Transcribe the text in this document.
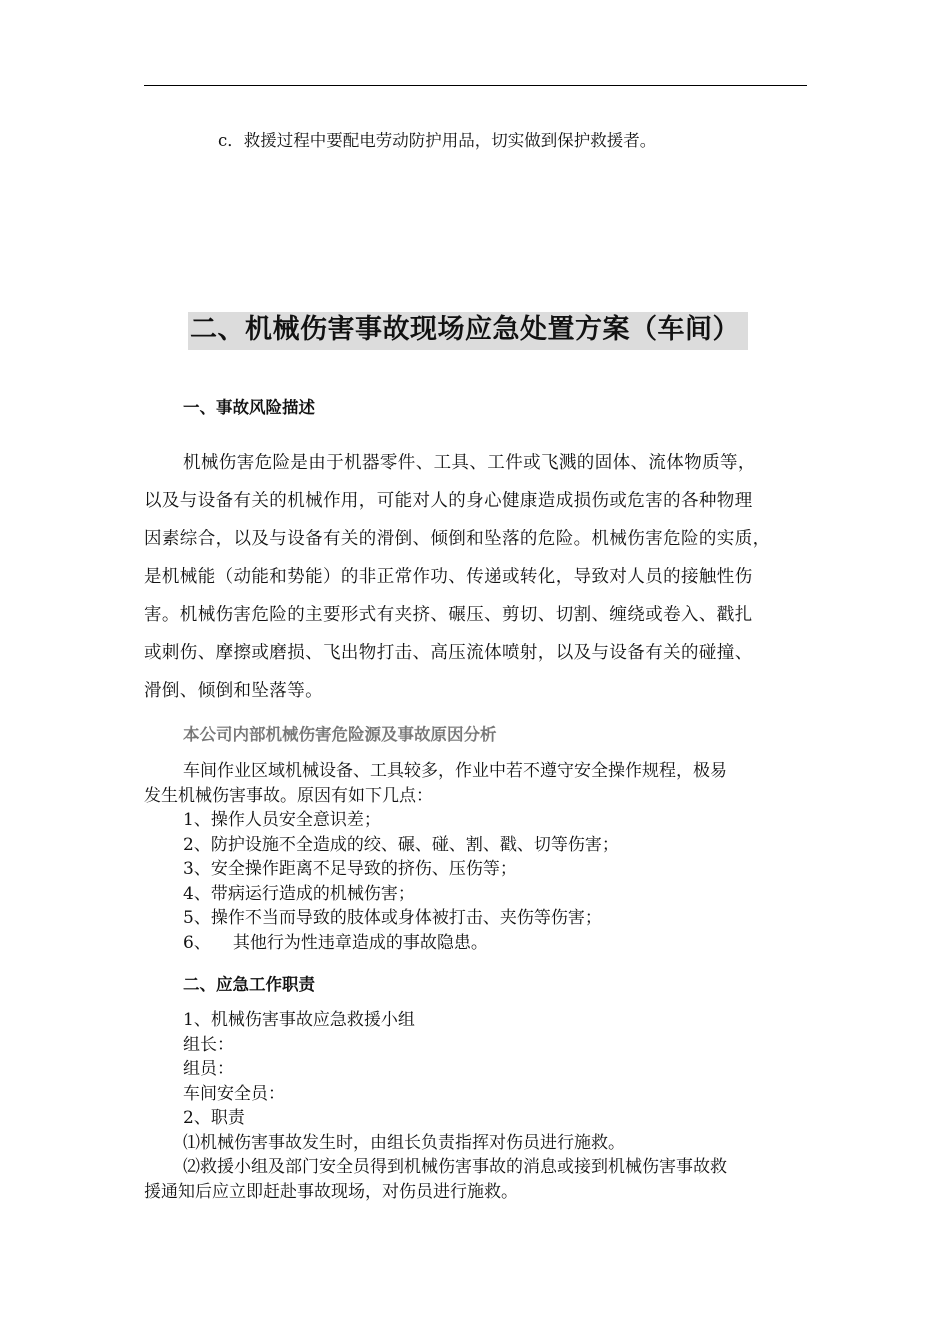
c．救援过程中要配电劳动防护用品，切实做到保护救援者。
二、机械伤害事故现场应急处置方案（车间）
一、事故风险描述
机械伤害危险是由于机器零件、工具、工件或飞溅的固体、流体物质等，
以及与设备有关的机械作用，可能对人的身心健康造成损伤或危害的各种物理
因素综合，以及与设备有关的滑倒、倾倒和坠落的危险。机械伤害危险的实质，
是机械能（动能和势能）的非正常作功、传递或转化，导致对人员的接触性伤
害。机械伤害危险的主要形式有夹挤、碾压、剪切、切割、缠绕或卷入、戳扎
或刺伤、摩擦或磨损、飞出物打击、高压流体喷射，以及与设备有关的碰撞、
滑倒、倾倒和坠落等。
本公司内部机械伤害危险源及事故原因分析
车间作业区域机械设备、工具较多，作业中若不遵守安全操作规程，极易
发生机械伤害事故。原因有如下几点：
1、操作人员安全意识差；
2、防护设施不全造成的绞、碾、碰、割、戳、切等伤害；
3、安全操作距离不足导致的挤伤、压伤等；
4、带病运行造成的机械伤害；
5、操作不当而导致的肢体或身体被打击、夹伤等伤害；
6、 其他行为性违章造成的事故隐患。
二、应急工作职责
1、机械伤害事故应急救援小组
组长：
组员：
车间安全员：
2、职责
⑴机械伤害事故发生时，由组长负责指挥对伤员进行施救。
⑵救援小组及部门安全员得到机械伤害事故的消息或接到机械伤害事故救
援通知后应立即赶赴事故现场，对伤员进行施救。
